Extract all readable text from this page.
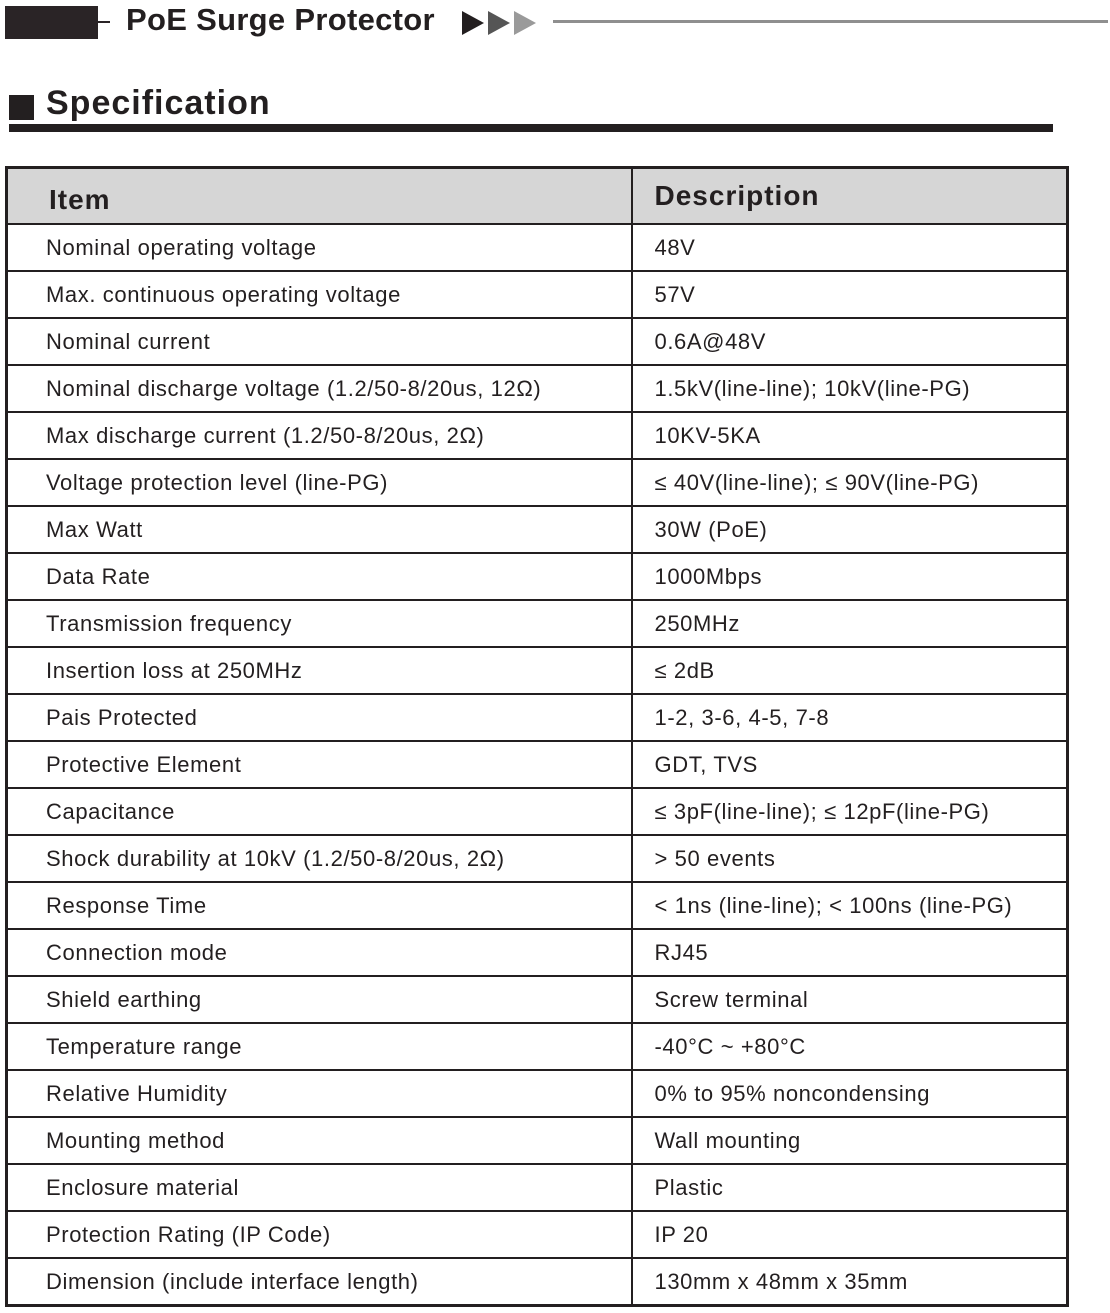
PoE Surge Protector
Specification
Item	Description
Nominal operating voltage	48V
Max. continuous operating voltage	57V
Nominal current	0.6A@48V
Nominal discharge voltage (1.2/50-8/20us, 12Ω)	1.5kV(line-line); 10kV(line-PG)
Max discharge current (1.2/50-8/20us, 2Ω)	10KV-5KA
Voltage protection level (line-PG)	≤ 40V(line-line); ≤ 90V(line-PG)
Max Watt	30W (PoE)
Data Rate	1000Mbps
Transmission frequency	250MHz
Insertion loss at 250MHz	≤ 2dB
Pais Protected	1-2, 3-6, 4-5, 7-8
Protective Element	GDT, TVS
Capacitance	≤ 3pF(line-line); ≤ 12pF(line-PG)
Shock durability at 10kV (1.2/50-8/20us, 2Ω)	> 50 events
Response Time	< 1ns (line-line); < 100ns (line-PG)
Connection mode	RJ45
Shield earthing	Screw terminal
Temperature range	-40°C ~ +80°C
Relative Humidity	0% to 95% noncondensing
Mounting method	Wall mounting
Enclosure material	Plastic
Protection Rating (IP Code)	IP 20
Dimension (include interface length)	130mm x 48mm x 35mm
